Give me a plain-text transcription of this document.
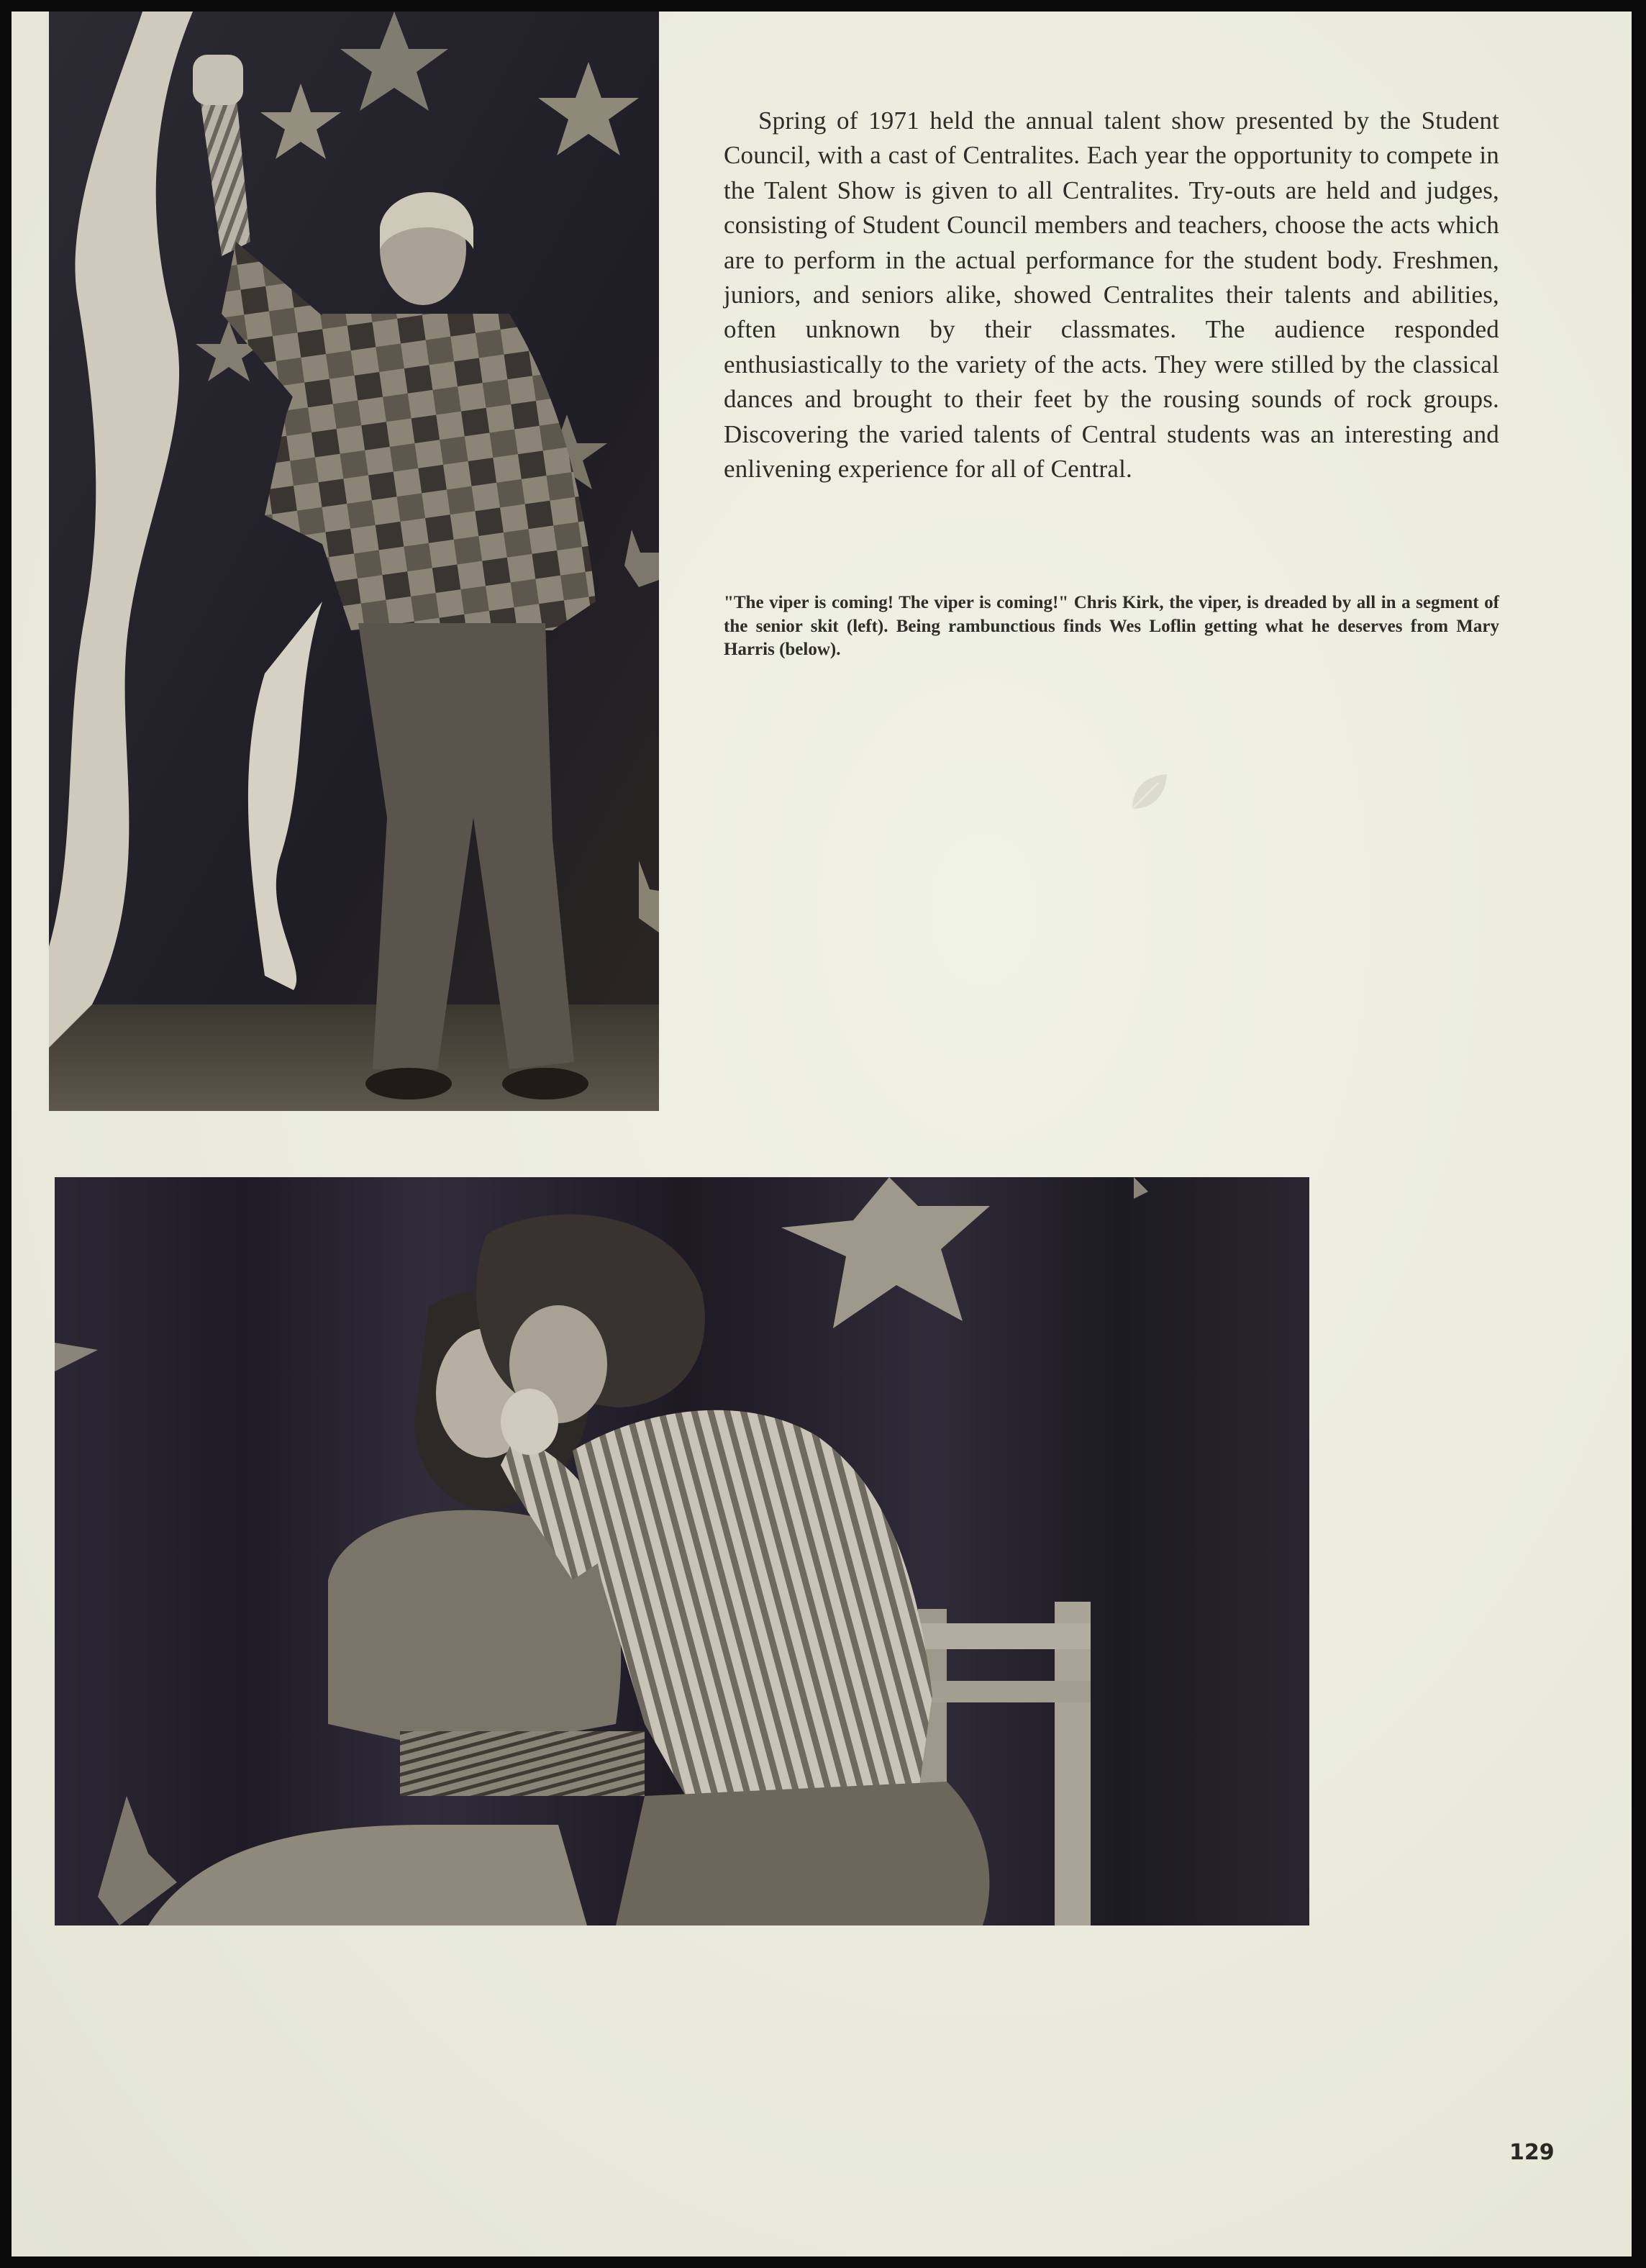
Spring of 1971 held the annual talent show presented by the Student Council, with a cast of Centralites. Each year the opportunity to compete in the Talent Show is given to all Centralites. Try-outs are held and judges, consisting of Student Council members and teachers, choose the acts which are to perform in the actual performance for the student body. Freshmen, juniors, and seniors alike, showed Centralites their talents and abilities, often unknown by their classmates. The audience responded enthusiastically to the variety of the acts. They were stilled by the classical dances and brought to their feet by the rousing sounds of rock groups. Discovering the varied talents of Central students was an interesting and enlivening experience for all of Central.

"The viper is coming! The viper is coming!" Chris Kirk, the viper, is dreaded by all in a segment of the senior skit (left). Being rambunctious finds Wes Loflin getting what he deserves from Mary Harris (below).

129
